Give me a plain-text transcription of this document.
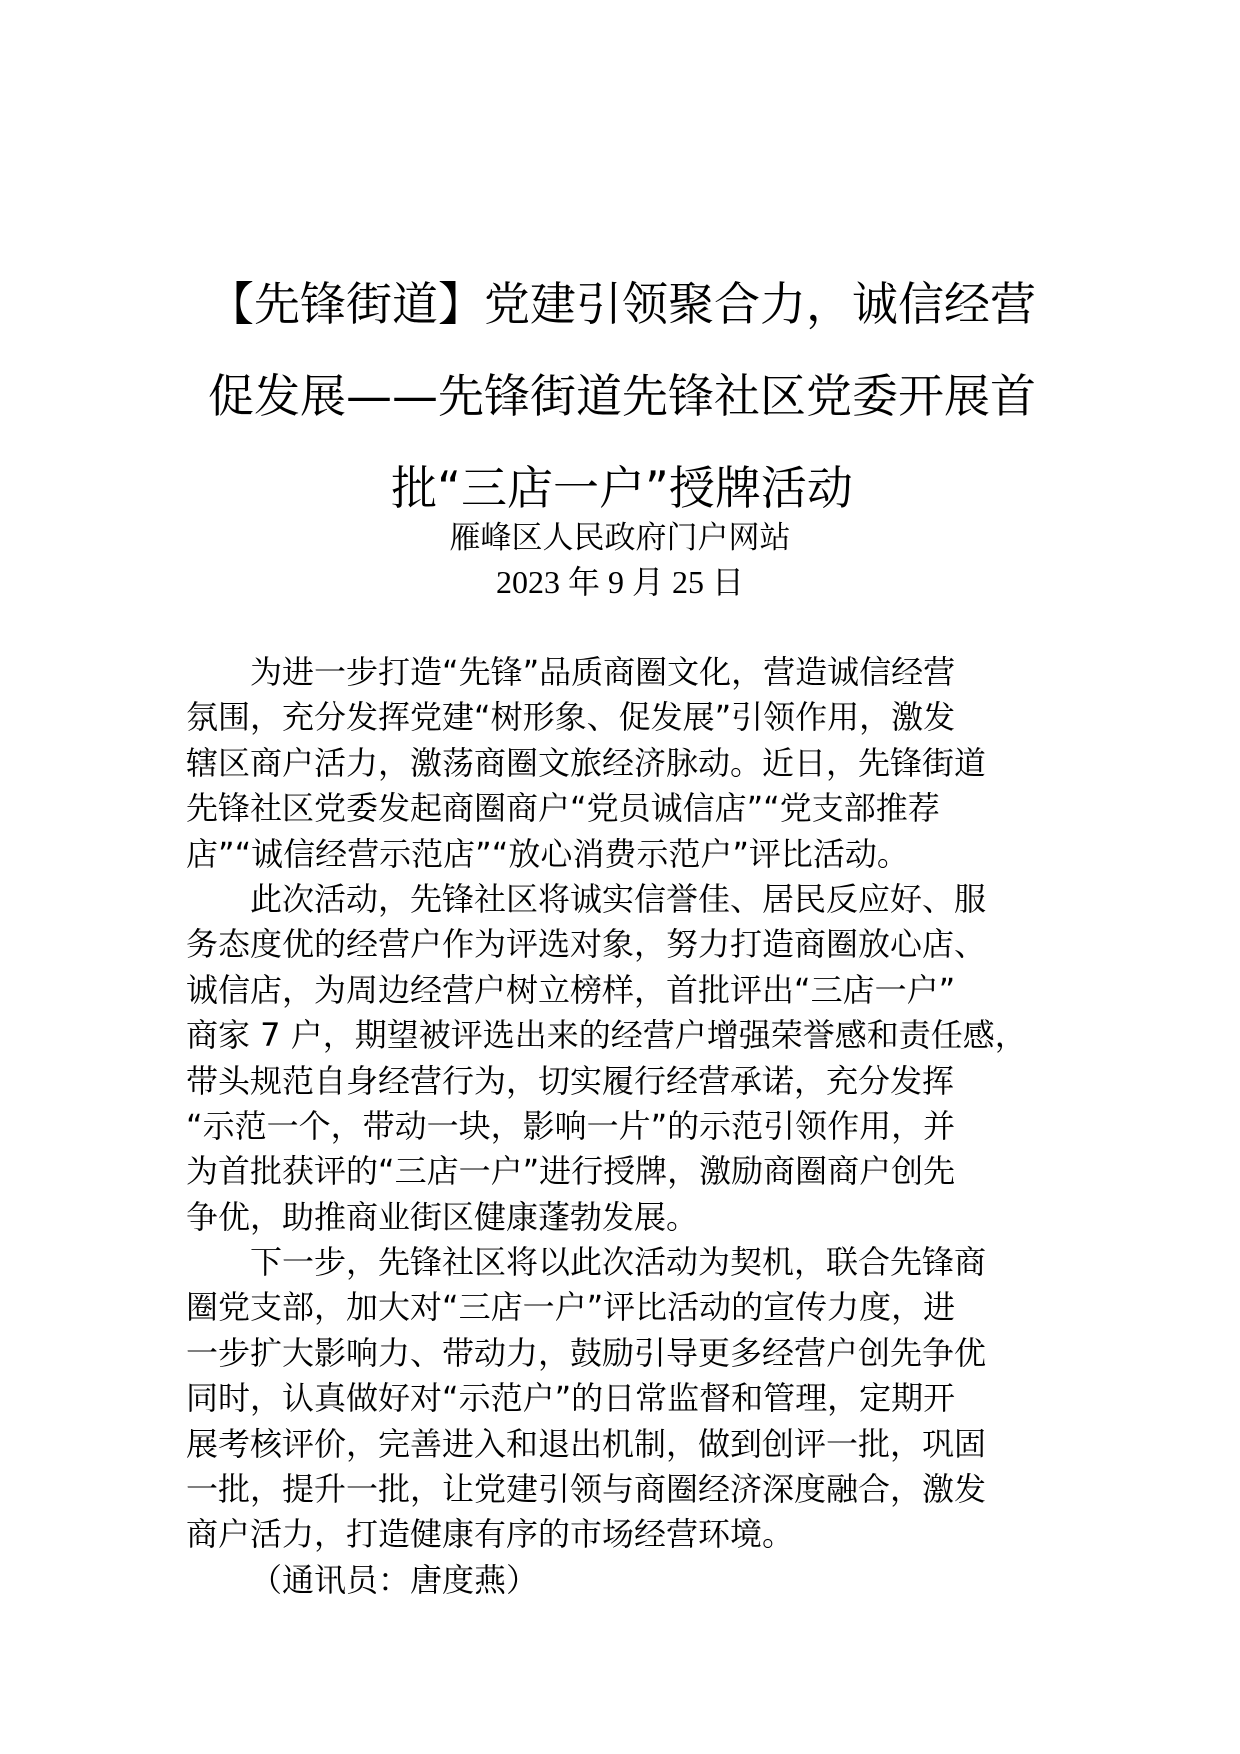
【先锋街道】党建引领聚合力，诚信经营
促发展——先锋街道先锋社区党委开展首
批“三店一户”授牌活动
雁峰区人民政府门户网站
2023 年 9 月 25 日
为进一步打造“先锋”品质商圈文化，营造诚信经营
氛围，充分发挥党建“树形象、促发展”引领作用，激发
辖区商户活力，激荡商圈文旅经济脉动。近日，先锋街道
先锋社区党委发起商圈商户“党员诚信店”“党支部推荐
店”“诚信经营示范店”“放心消费示范户”评比活动。
此次活动，先锋社区将诚实信誉佳、居民反应好、服
务态度优的经营户作为评选对象，努力打造商圈放心店、
诚信店，为周边经营户树立榜样，首批评出“三店一户”
商家 7 户，期望被评选出来的经营户增强荣誉感和责任感，
带头规范自身经营行为，切实履行经营承诺，充分发挥
“示范一个，带动一块，影响一片”的示范引领作用，并
为首批获评的“三店一户”进行授牌，激励商圈商户创先
争优，助推商业街区健康蓬勃发展。
下一步，先锋社区将以此次活动为契机，联合先锋商
圈党支部，加大对“三店一户”评比活动的宣传力度，进
一步扩大影响力、带动力，鼓励引导更多经营户创先争优
同时，认真做好对“示范户”的日常监督和管理，定期开
展考核评价，完善进入和退出机制，做到创评一批，巩固
一批，提升一批，让党建引领与商圈经济深度融合，激发
商户活力，打造健康有序的市场经营环境。
（通讯员：唐度燕）
